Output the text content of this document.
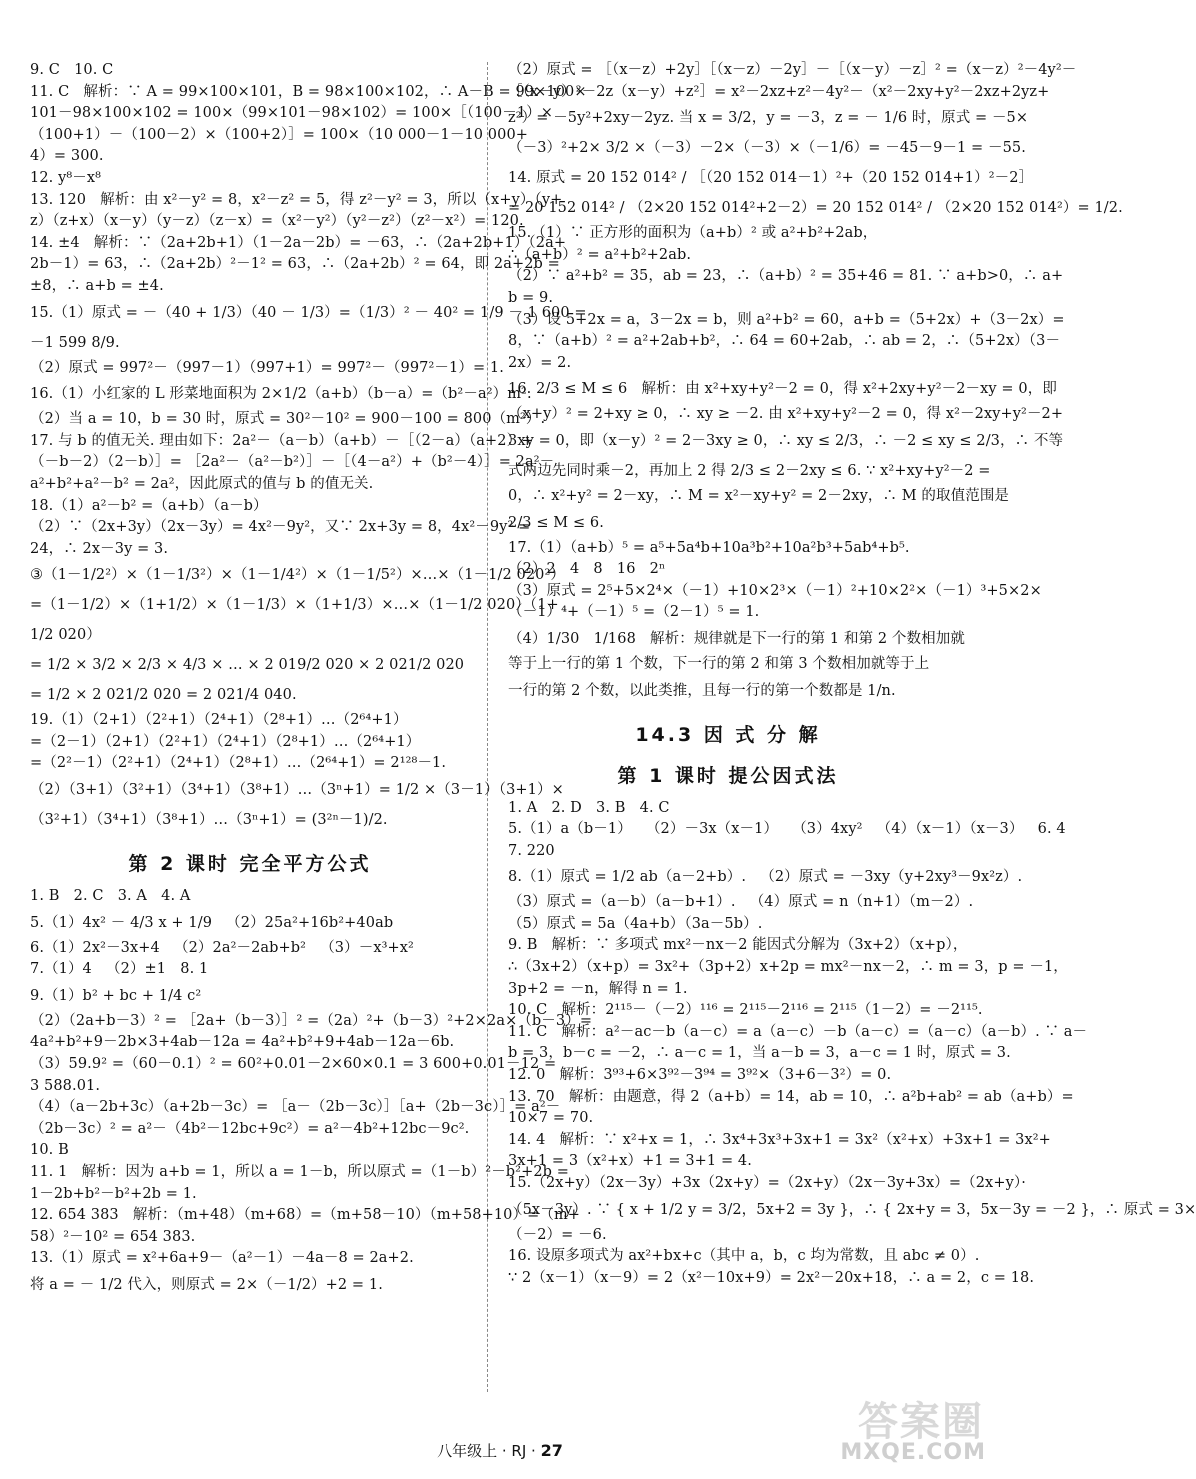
9. C   10. C
11. C   解析：∵ A = 99×100×101，B = 98×100×102，∴ A－B = 99×100×
101－98×100×102 = 100×（99×101－98×102）= 100×［（100－1）×
（100+1）－（100－2）×（100+2）］= 100×（10 000－1－10 000+
4）= 300.
12. y⁸－x⁸
13. 120   解析：由 x²－y² = 8，x²－z² = 5，得 z²－y² = 3，所以（x+y）（y+
z）（z+x）（x－y）（y－z）（z－x）=（x²－y²）（y²－z²）（z²－x²）= 120.
14. ±4   解析：∵（2a+2b+1）（1－2a－2b）= －63，∴（2a+2b+1）（2a+
2b－1）= 63，∴（2a+2b）²－1² = 63，∴（2a+2b）² = 64，即 2a+2b =
±8，∴ a+b = ±4.
15.（1）原式 = －（40 + 1/3）（40 － 1/3）=（1/3）² － 40² = 1/9 － 1 600 =
－1 599 8/9.
（2）原式 = 997²－（997－1）（997+1）= 997²－（997²－1）= 1.
16.（1）小红家的 L 形菜地面积为 2×1/2（a+b）（b－a）=（b²－a²）m².
（2）当 a = 10，b = 30 时，原式 = 30²－10² = 900－100 = 800（m²）.
17. 与 b 的值无关. 理由如下：2a²－（a－b）（a+b）－［（2－a）（a+2）+
（－b－2）（2－b）］= ［2a²－（a²－b²）］－［（4－a²）+（b²－4）］= 2a²－
a²+b²+a²－b² = 2a²，因此原式的值与 b 的值无关.
18.（1）a²－b² =（a+b）（a－b）
（2）∵（2x+3y）（2x－3y）= 4x²－9y²，又∵ 2x+3y = 8，4x²－9y² =
24，∴ 2x－3y = 3.
③（1－1/2²）×（1－1/3²）×（1－1/4²）×（1－1/5²）×…×（1－1/2 020²）
=（1－1/2）×（1+1/2）×（1－1/3）×（1+1/3）×…×（1－1/2 020）（1+
1/2 020）
= 1/2 × 3/2 × 2/3 × 4/3 × … × 2 019/2 020 × 2 021/2 020
= 1/2 × 2 021/2 020 = 2 021/4 040.
19.（1）（2+1）（2²+1）（2⁴+1）（2⁸+1）…（2⁶⁴+1）
=（2－1）（2+1）（2²+1）（2⁴+1）（2⁸+1）…（2⁶⁴+1）
=（2²－1）（2²+1）（2⁴+1）（2⁸+1）…（2⁶⁴+1）= 2¹²⁸－1.
（2）（3+1）（3²+1）（3⁴+1）（3⁸+1）…（3ⁿ+1）= 1/2 ×（3－1）（3+1）×
（3²+1）（3⁴+1）（3⁸+1）…（3ⁿ+1）= (3²ⁿ－1)/2.
第 2 课时 完全平方公式
1. B   2. C   3. A   4. A
5.（1）4x² － 4/3 x + 1/9   （2）25a²+16b²+40ab
6.（1）2x²－3x+4   （2）2a²－2ab+b²   （3）－x³+x²
7.（1）4   （2）±1   8. 1
9.（1）b² + bc + 1/4 c²
（2）（2a+b－3）² = ［2a+（b－3）］² =（2a）²+（b－3）²+2×2a×（b－3）=
4a²+b²+9－2b×3+4ab－12a = 4a²+b²+9+4ab－12a－6b.
（3）59.9² =（60－0.1）² = 60²+0.01－2×60×0.1 = 3 600+0.01－12 =
3 588.01.
（4）（a－2b+3c）（a+2b－3c）= ［a－（2b－3c）］［a+（2b－3c）］= a²－
（2b－3c）² = a²－（4b²－12bc+9c²）= a²－4b²+12bc－9c².
10. B
11. 1   解析：因为 a+b = 1，所以 a = 1－b，所以原式 =（1－b）²－b²+2b =
1－2b+b²－b²+2b = 1.
12. 654 383   解析：（m+48）（m+68）=（m+58－10）（m+58+10）=（m+
58）²－10² = 654 383.
13.（1）原式 = x²+6a+9－（a²－1）－4a－8 = 2a+2.
将 a = － 1/2 代入，则原式 = 2×（－1/2）+2 = 1.
（2）原式 = ［（x－z）+2y］［（x－z）－2y］－［（x－y）－z］² =（x－z）²－4y²－
［（x－y）²－2z（x－y）+z²］= x²－2xz+z²－4y²－（x²－2xy+y²－2xz+2yz+
z²）= －5y²+2xy－2yz. 当 x = 3/2，y = －3，z = － 1/6 时，原式 = －5×
（－3）²+2× 3/2 ×（－3）－2×（－3）×（－1/6）= －45－9－1 = －55.
14. 原式 = 20 152 014² / ［（20 152 014－1）²+（20 152 014+1）²－2］
= 20 152 014² / （2×20 152 014²+2－2）= 20 152 014² / （2×20 152 014²）= 1/2.
15.（1）∵ 正方形的面积为（a+b）² 或 a²+b²+2ab，
∴（a+b）² = a²+b²+2ab.
（2）∵ a²+b² = 35，ab = 23，∴（a+b）² = 35+46 = 81. ∵ a+b>0，∴ a+
b = 9.
（3）设 5+2x = a，3－2x = b，则 a²+b² = 60，a+b =（5+2x）+（3－2x）=
8，∵（a+b）² = a²+2ab+b²，∴ 64 = 60+2ab，∴ ab = 2，∴（5+2x）（3－
2x）= 2.
16. 2/3 ≤ M ≤ 6   解析：由 x²+xy+y²－2 = 0，得 x²+2xy+y²－2－xy = 0，即
（x+y）² = 2+xy ≥ 0，∴ xy ≥ －2. 由 x²+xy+y²－2 = 0，得 x²－2xy+y²－2+
3xy = 0，即（x－y）² = 2－3xy ≥ 0，∴ xy ≤ 2/3，∴ －2 ≤ xy ≤ 2/3，∴ 不等
式两边先同时乘－2，再加上 2 得 2/3 ≤ 2－2xy ≤ 6. ∵ x²+xy+y²－2 =
0，∴ x²+y² = 2－xy，∴ M = x²－xy+y² = 2－2xy，∴ M 的取值范围是
2/3 ≤ M ≤ 6.
17.（1）（a+b）⁵ = a⁵+5a⁴b+10a³b²+10a²b³+5ab⁴+b⁵.
（2）2   4   8   16   2ⁿ
（3）原式 = 2⁵+5×2⁴×（－1）+10×2³×（－1）²+10×2²×（－1）³+5×2×
（－1）⁴+（－1）⁵ =（2－1）⁵ = 1.
（4）1/30   1/168   解析：规律就是下一行的第 1 和第 2 个数相加就
等于上一行的第 1 个数，下一行的第 2 和第 3 个数相加就等于上
一行的第 2 个数，以此类推，且每一行的第一个数都是 1/n.
14.3 因 式 分 解
第 1 课时 提公因式法
1. A   2. D   3. B   4. C
5.（1）a（b－1）   （2）－3x（x－1）   （3）4xy²   （4）（x－1）（x－3）   6. 4
7. 220
8.（1）原式 = 1/2 ab（a－2+b）.   （2）原式 = －3xy（y+2xy³－9x²z）.
（3）原式 =（a－b）（a－b+1）.   （4）原式 = n（n+1）（m－2）.
（5）原式 = 5a（4a+b）（3a－5b）.
9. B   解析：∵ 多项式 mx²－nx－2 能因式分解为（3x+2）（x+p），
∴（3x+2）（x+p）= 3x²+（3p+2）x+2p = mx²－nx－2，∴ m = 3，p = －1，
3p+2 = －n，解得 n = 1.
10. C   解析：2¹¹⁵－（－2）¹¹⁶ = 2¹¹⁵－2¹¹⁶ = 2¹¹⁵（1－2）= －2¹¹⁵.
11. C   解析：a²－ac－b（a－c）= a（a－c）－b（a－c）=（a－c）（a－b）. ∵ a－
b = 3，b－c = －2，∴ a－c = 1，当 a－b = 3，a－c = 1 时，原式 = 3.
12. 0   解析：3⁹³+6×3⁹²－3⁹⁴ = 3⁹²×（3+6－3²）= 0.
13. 70   解析：由题意，得 2（a+b）= 14，ab = 10，∴ a²b+ab² = ab（a+b）=
10×7 = 70.
14. 4   解析：∵ x²+x = 1，∴ 3x⁴+3x³+3x+1 = 3x²（x²+x）+3x+1 = 3x²+
3x+1 = 3（x²+x）+1 = 3+1 = 4.
15.（2x+y）（2x－3y）+3x（2x+y）=（2x+y）（2x－3y+3x）=（2x+y）·
（5x－3y）. ∵ { x + 1/2 y = 3/2，5x+2 = 3y }，∴ { 2x+y = 3，5x－3y = －2 }，∴ 原式 = 3×
（－2）= －6.
16. 设原多项式为 ax²+bx+c（其中 a，b，c 均为常数，且 abc ≠ 0）.
∵ 2（x－1）（x－9）= 2（x²－10x+9）= 2x²－20x+18，∴ a = 2，c = 18.
八年级上 · RJ · 27
答案圈
MXQE.COM
